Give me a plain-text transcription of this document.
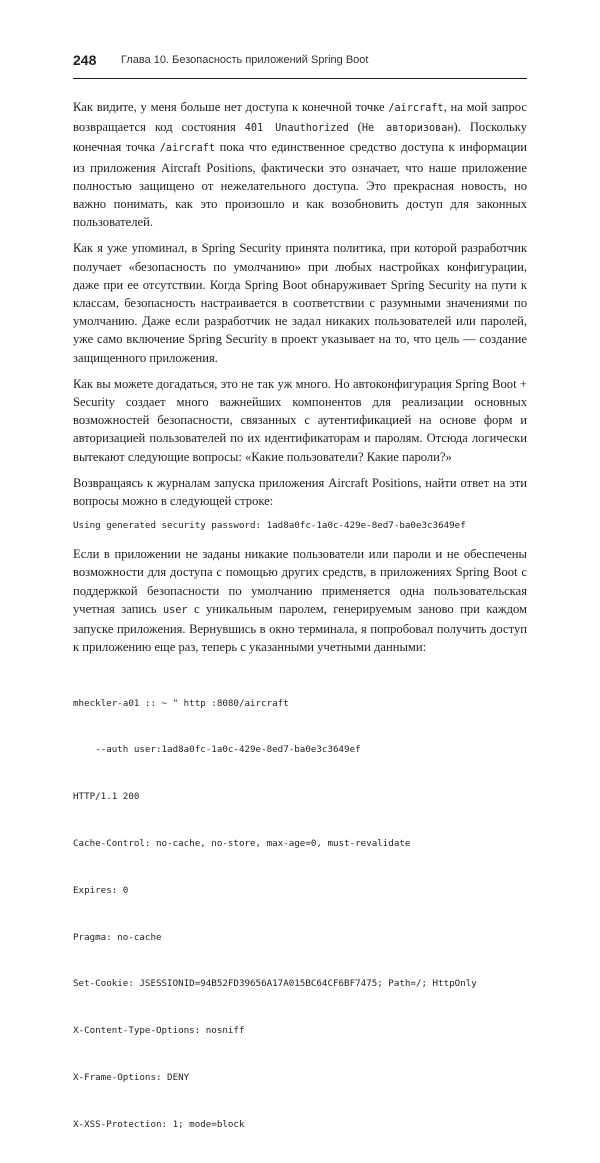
248 Глава 10. Безопасность приложений Spring Boot

Как видите, у меня больше нет доступа к конечной точке /aircraft, на мой запрос возвращается код состояния 401 Unauthorized (Не авторизован). Поскольку конечная точка /aircraft пока что единственное средство доступа к информации из приложения Aircraft Positions, фактически это означает, что наше приложение полностью защищено от нежелательного доступа. Это прекрасная новость, но важно понимать, как это произошло и как возобновить доступ для законных пользователей.

Как я уже упоминал, в Spring Security принята политика, при которой разработчик получает «безопасность по умолчанию» при любых настройках конфигурации, даже при ее отсутствии. Когда Spring Boot обнаруживает Spring Security на пути к классам, безопасность настраивается в соответствии с разумными значениями по умолчанию. Даже если разработчик не задал никаких пользователей или паролей, уже само включение Spring Security в проект указывает на то, что цель — создание защищенного приложения.

Как вы можете догадаться, это не так уж много. Но автоконфигурация Spring Boot + Security создает много важнейших компонентов для реализации основных возможностей безопасности, связанных с аутентификацией на основе форм и авторизацией пользователей по их идентификаторам и паролям. Отсюда логически вытекают следующие вопросы: «Какие пользователи? Какие пароли?»

Возвращаясь к журналам запуска приложения Aircraft Positions, найти ответ на эти вопросы можно в следующей строке:

Using generated security password: 1ad8a0fc-1a0c-429e-8ed7-ba0e3c3649ef

Если в приложении не заданы никакие пользователи или пароли и не обеспечены возможности для доступа с помощью других средств, в приложениях Spring Boot с поддержкой безопасности по умолчанию применяется одна пользовательская учетная запись user с уникальным паролем, генерируемым заново при каждом запуске приложения. Вернувшись в окно терминала, я попробовал получить доступ к приложению еще раз, теперь с указанными учетными данными:

mheckler-a01 :: ~ " http :8080/aircraft

--auth user:1ad8a0fc-1a0c-429e-8ed7-ba0e3c3649ef

HTTP/1.1 200

Cache-Control: no-cache, no-store, max-age=0, must-revalidate

Expires: 0

Pragma: no-cache

Set-Cookie: JSESSIONID=94B52FD39656A17A015BC64CF6BF7475; Path=/; HttpOnly

X-Content-Type-Options: nosniff

X-Frame-Options: DENY

X-XSS-Protection: 1; mode=block
